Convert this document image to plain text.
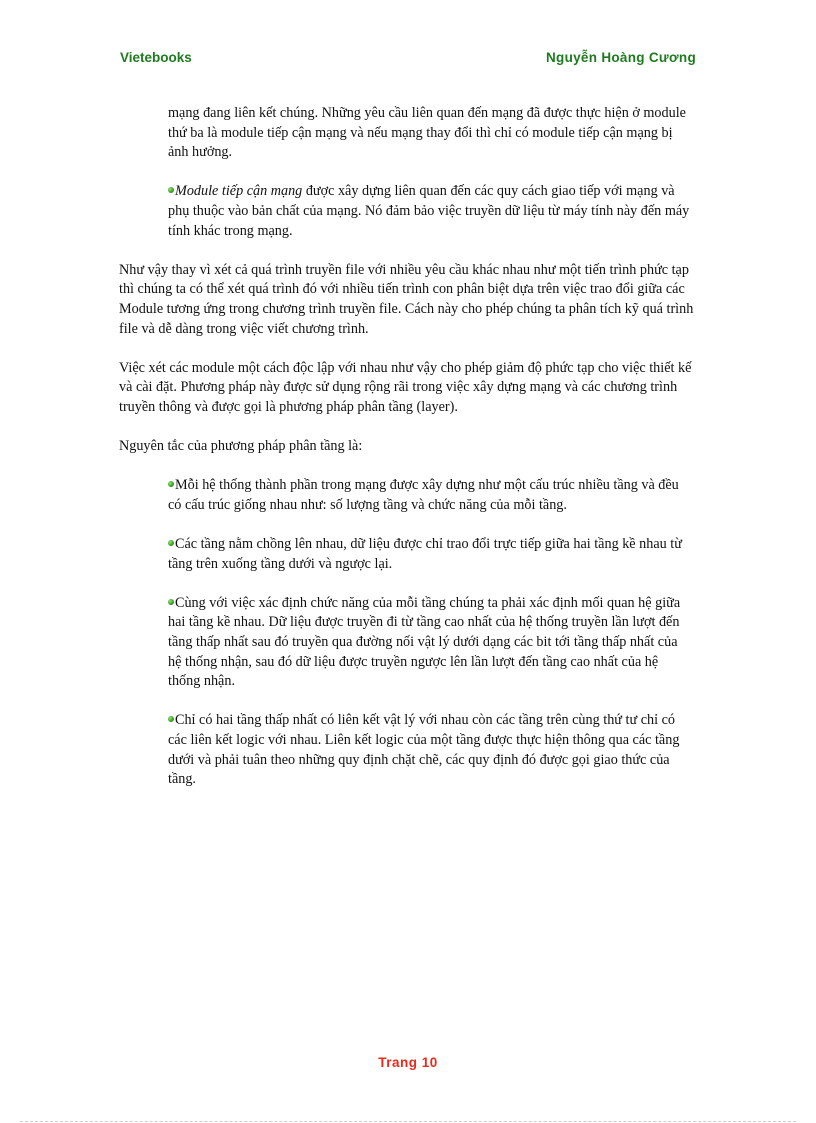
Vietebooks	Nguyễn Hoàng Cương

mạng đang liên kết chúng. Những yêu cầu liên quan đến mạng đã được thực hiện ở module thứ ba là module tiếp cận mạng và nếu mạng thay đổi thì chỉ có module tiếp cận mạng bị ảnh hưởng.

Module tiếp cận mạng được xây dựng liên quan đến các quy cách giao tiếp với mạng và phụ thuộc vào bản chất của mạng. Nó đảm bảo việc truyền dữ liệu từ máy tính này đến máy tính khác trong mạng.

Như vậy thay vì xét cả quá trình truyền file với nhiều yêu cầu khác nhau như một tiến trình phức tạp thì chúng ta có thể xét quá trình đó với nhiều tiến trình con phân biệt dựa trên việc trao đổi giữa các Module tương ứng trong chương trình truyền file. Cách này cho phép chúng ta phân tích kỹ quá trình file và dễ dàng trong việc viết chương trình.

Việc xét các module một cách độc lập với nhau như vậy cho phép giảm độ phức tạp cho việc thiết kế và cài đặt. Phương pháp này được sử dụng rộng rãi trong việc xây dựng mạng và các chương trình truyền thông và được gọi là phương pháp phân tầng (layer).

Nguyên tắc của phương pháp phân tầng là:

Mỗi hệ thống thành phần trong mạng được xây dựng như một cấu trúc nhiều tầng và đều có cấu trúc giống nhau như: số lượng tầng và chức năng của mỗi tầng.

Các tầng nằm chồng lên nhau, dữ liệu được chỉ trao đổi trực tiếp giữa hai tầng kề nhau từ tầng trên xuống tầng dưới và ngược lại.

Cùng với việc xác định chức năng của mỗi tầng chúng ta phải xác định mối quan hệ giữa hai tầng kề nhau. Dữ liệu được truyền đi từ tầng cao nhất của hệ thống truyền lần lượt đến tầng thấp nhất sau đó truyền qua đường nối vật lý dưới dạng các bit tới tầng thấp nhất của hệ thống nhận, sau đó dữ liệu được truyền ngược lên lần lượt đến tầng cao nhất của hệ thống nhận.

Chỉ có hai tầng thấp nhất có liên kết vật lý với nhau còn các tầng trên cùng thứ tư chỉ có các liên kết logic với nhau. Liên kết logic của một tầng được thực hiện thông qua các tầng dưới và phải tuân theo những quy định chặt chẽ, các quy định đó được gọi giao thức của tầng.

Trang 10
